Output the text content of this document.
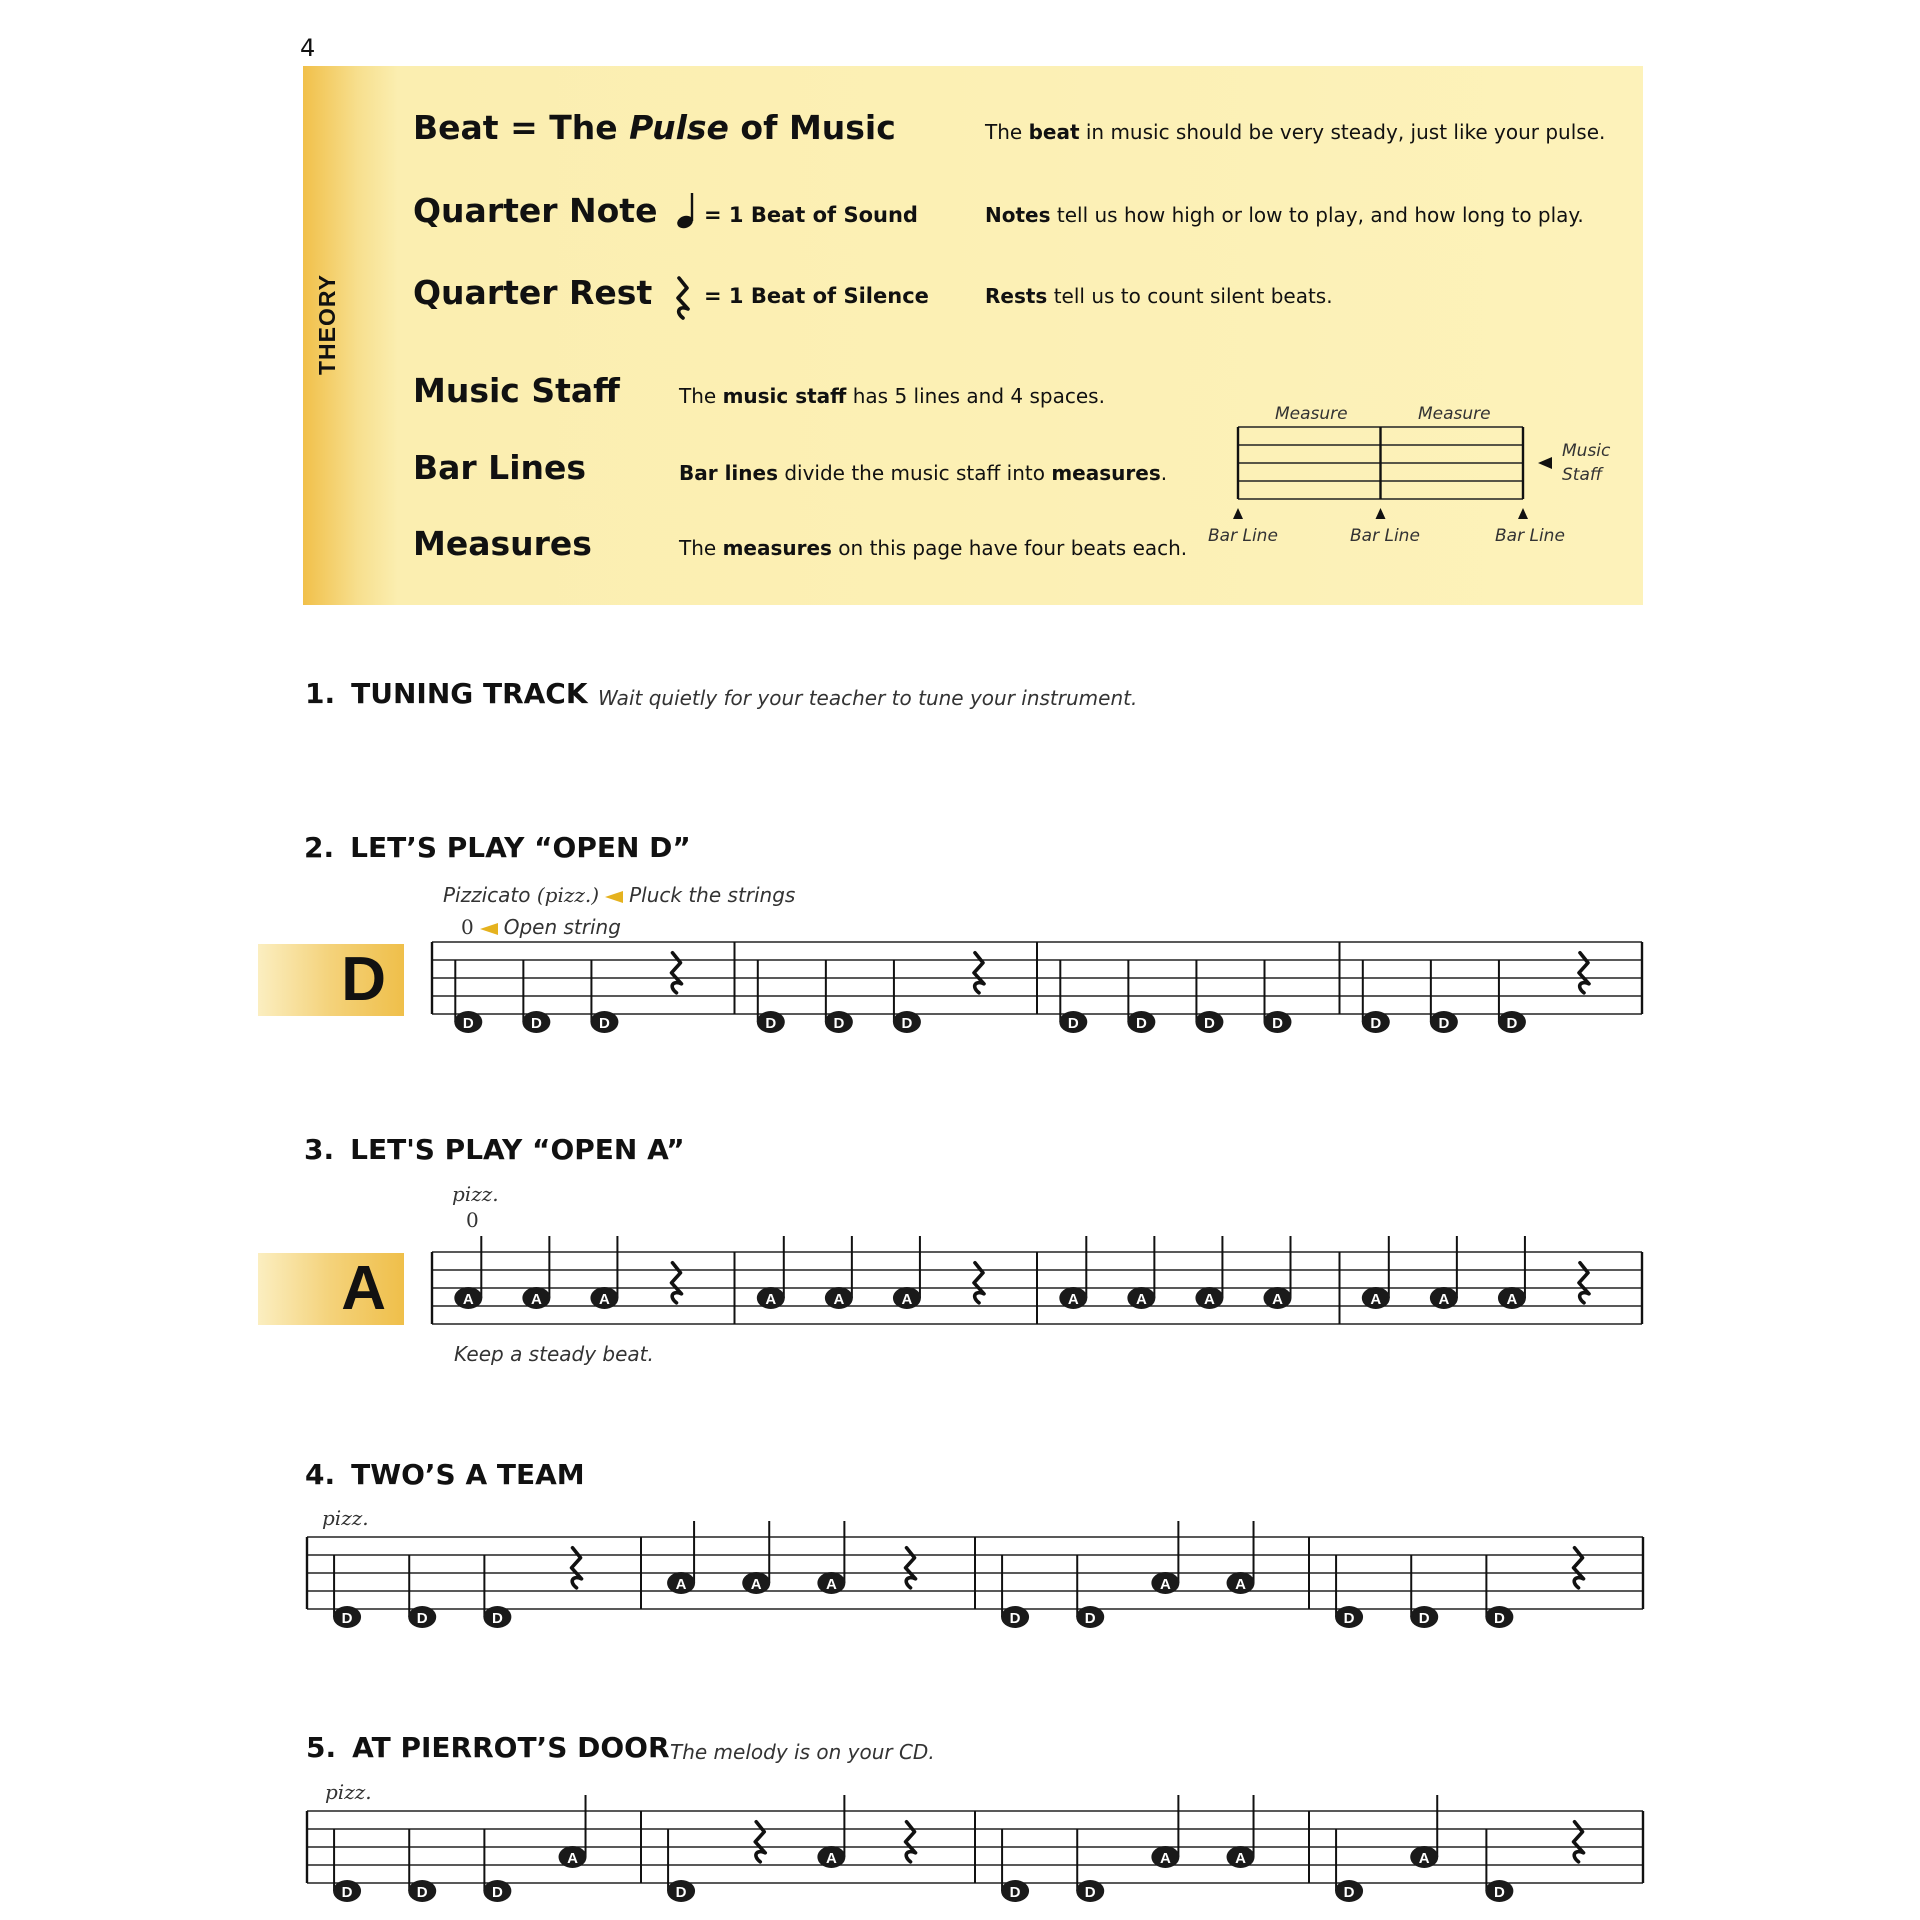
4
THEORY
Beat = The Pulse of Music	The beat in music should be very steady, just like your pulse.
Quarter Note = 1 Beat of Sound	Notes tell us how high or low to play, and how long to play.
Quarter Rest = 1 Beat of Silence	Rests tell us to count silent beats.
Music Staff	The music staff has 5 lines and 4 spaces.
Bar Lines	Bar lines divide the music staff into measures.
Measures	The measures on this page have four beats each.
Measure	Measure
Bar Line	Bar Line	Bar Line
Music
Staff
1. TUNING TRACK Wait quietly for your teacher to tune your instrument.
2. LET’S PLAY “OPEN D”
Pizzicato (pizz.) Pluck the strings
0 Open string
D
3. LET'S PLAY “OPEN A”
pizz.
0
A
Keep a steady beat.
4. TWO’S A TEAM
pizz.
5. AT PIERROT’S DOOR The melody is on your CD.
pizz.
D	D	D	D	D	D	D	D	D	D	D	D	D
A	A	A	A	A	A	A	A	A	A	A	A	A
D	D	D
A	A	A
D	D
A	A
D	D	D
D	D	D
A
D
A
D	D
A	A
D
A
D
